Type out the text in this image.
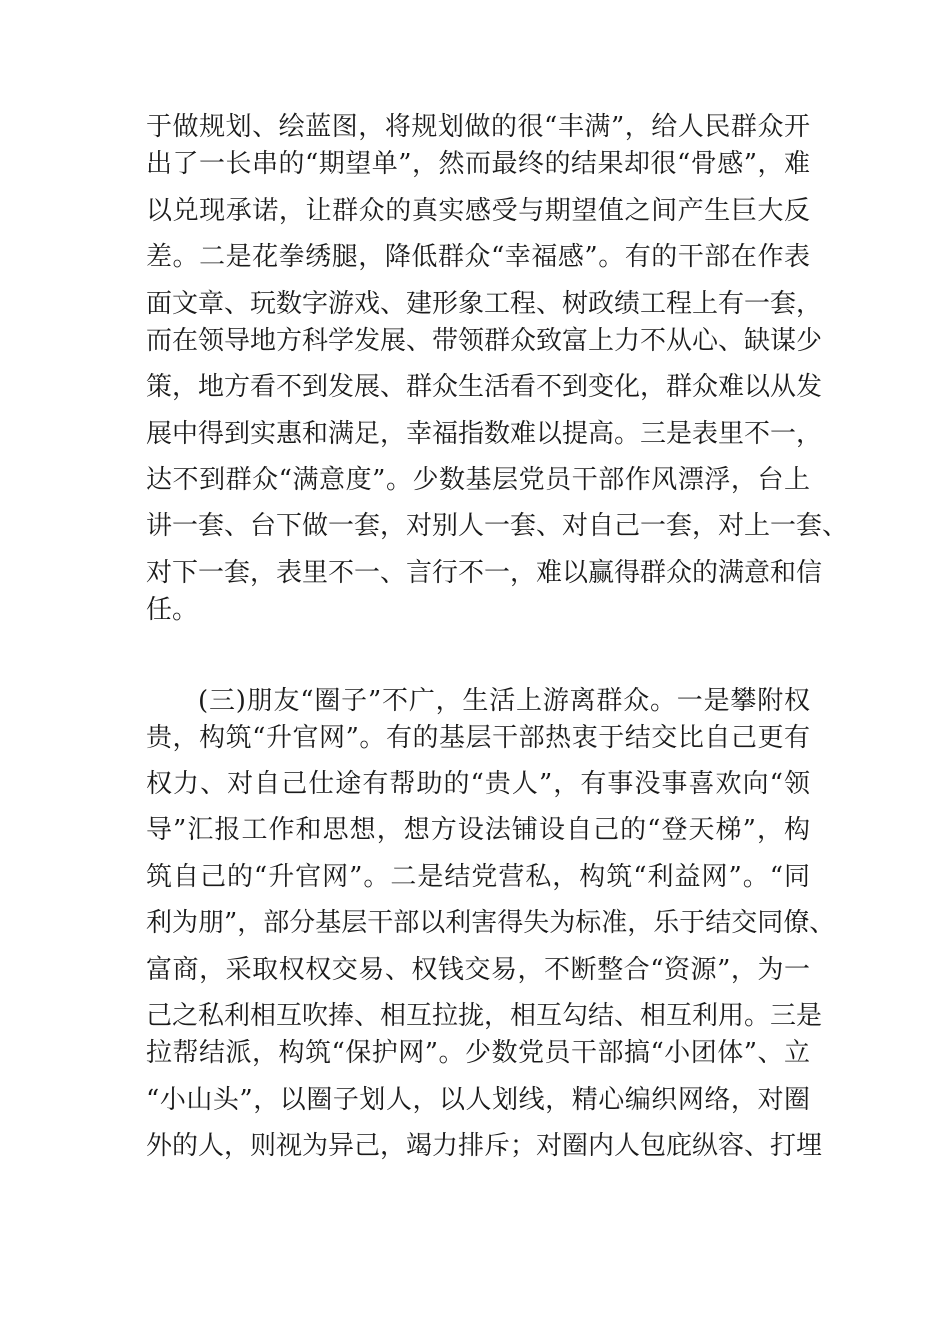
于做规划、绘蓝图，将规划做的很“丰满”，给人民群众开
出了一长串的“期望单”，然而最终的结果却很“骨感”，难
以兑现承诺，让群众的真实感受与期望值之间产生巨大反
差。二是花拳绣腿，降低群众“幸福感”。有的干部在作表
面文章、玩数字游戏、建形象工程、树政绩工程上有一套，
而在领导地方科学发展、带领群众致富上力不从心、缺谋少
策，地方看不到发展、群众生活看不到变化，群众难以从发
展中得到实惠和满足，幸福指数难以提高。三是表里不一，
达不到群众“满意度”。少数基层党员干部作风漂浮，台上
讲一套、台下做一套，对别人一套、对自己一套，对上一套、
对下一套，表里不一、言行不一，难以赢得群众的满意和信
任。
(三)朋友“圈子”不广，生活上游离群众。一是攀附权
贵，构筑“升官网”。有的基层干部热衷于结交比自己更有
权力、对自己仕途有帮助的“贵人”，有事没事喜欢向“领
导”汇报工作和思想，想方设法铺设自己的“登天梯”，构
筑自己的“升官网”。二是结党营私，构筑“利益网”。“同
利为朋”，部分基层干部以利害得失为标准，乐于结交同僚、
富商，采取权权交易、权钱交易，不断整合“资源”，为一
己之私利相互吹捧、相互拉拢，相互勾结、相互利用。三是
拉帮结派，构筑“保护网”。少数党员干部搞“小团体”、立
“小山头”，以圈子划人，以人划线，精心编织网络，对圈
外的人，则视为异己，竭力排斥；对圈内人包庇纵容、打埋
